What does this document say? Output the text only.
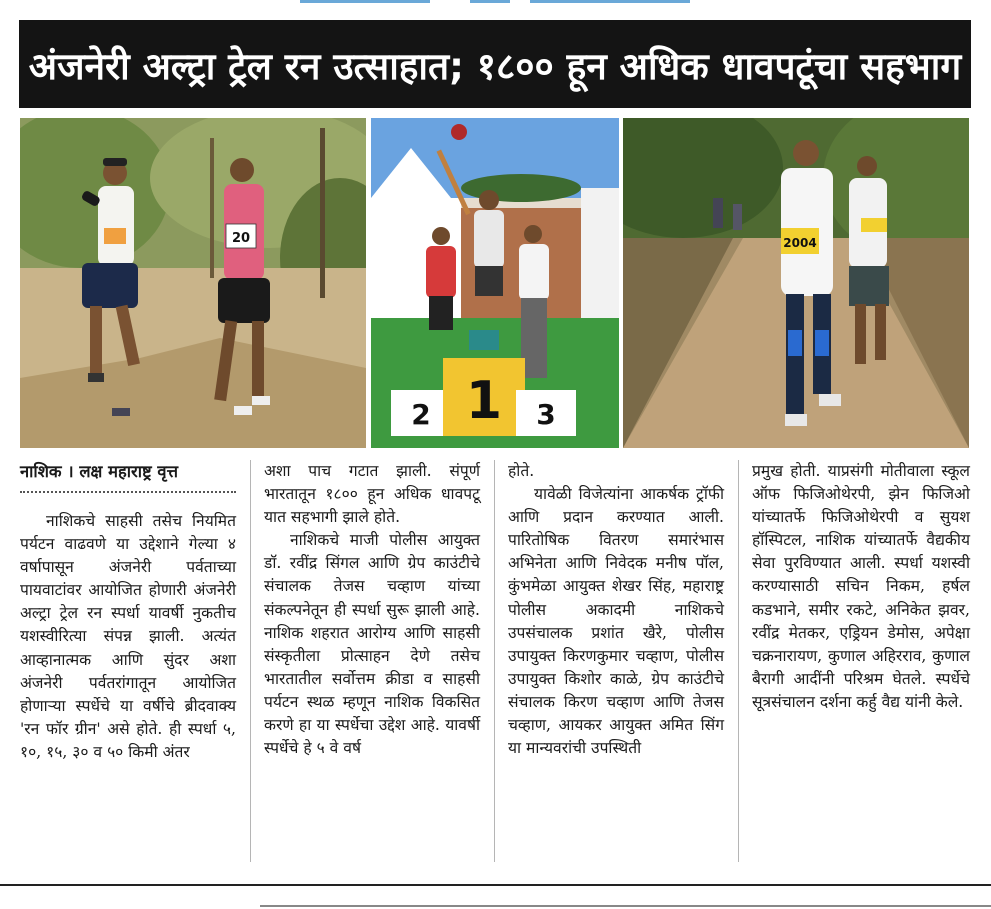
अंजनेरी अल्ट्रा ट्रेल रन उत्साहात; १८०० हून अधिक धावपटूंचा सहभाग
20
2 1 3
2004
नाशिक । लक्ष महाराष्ट्र वृत्त

नाशिकचे साहसी तसेच नियमित पर्यटन वाढवणे या उद्देशाने गेल्या ४ वर्षापासून अंजनेरी पर्वताच्या पायवाटांवर आयोजित होणारी अंजनेरी अल्ट्रा ट्रेल रन स्पर्धा यावर्षी नुकतीच यशस्वीरित्या संपन्न झाली. अत्यंत आव्हानात्मक आणि सुंदर अशा अंजनेरी पर्वतरांगातून आयोजित होणाऱ्या स्पर्धेचे या वर्षीचे ब्रीदवाक्य 'रन फॉर ग्रीन' असे होते. ही स्पर्धा ५, १०, १५, ३० व ५० किमी अंतर

अशा पाच गटात झाली. संपूर्ण भारतातून १८०० हून अधिक धावपटू यात सहभागी झाले होते.

नाशिकचे माजी पोलीस आयुक्त डॉ. रवींद्र सिंगल आणि ग्रेप काउंटीचे संचालक तेजस चव्हाण यांच्या संकल्पनेतून ही स्पर्धा सुरू झाली आहे. नाशिक शहरात आरोग्य आणि साहसी संस्कृतीला प्रोत्साहन देणे तसेच भारतातील सर्वोत्तम क्रीडा व साहसी पर्यटन स्थळ म्हणून नाशिक विकसित करणे हा या स्पर्धेचा उद्देश आहे. यावर्षी स्पर्धेचे हे ५ वे वर्ष

होते.

यावेळी विजेत्यांना आकर्षक ट्रॉफी आणि प्रदान करण्यात आली. पारितोषिक वितरण समारंभास अभिनेता आणि निवेदक मनीष पॉल, कुंभमेळा आयुक्त शेखर सिंह, महाराष्ट्र पोलीस अकादमी नाशिकचे उपसंचालक प्रशांत खैरे, पोलीस उपायुक्त किरणकुमार चव्हाण, पोलीस उपायुक्त किशोर काळे, ग्रेप काउंटीचे संचालक किरण चव्हाण आणि तेजस चव्हाण, आयकर आयुक्त अमित सिंग या मान्यवरांची उपस्थिती

प्रमुख होती. याप्रसंगी मोतीवाला स्कूल ऑफ फिजिओथेरपी, झेन फिजिओ यांच्यातर्फे फिजिओथेरपी व सुयश हॉस्पिटल, नाशिक यांच्यातर्फे वैद्यकीय सेवा पुरविण्यात आली. स्पर्धा यशस्वी करण्यासाठी सचिन निकम, हर्षल कडभाने, समीर रकटे, अनिकेत झवर, रवींद्र मेतकर, एड्रियन डेमोस, अपेक्षा चक्रनारायण, कुणाल अहिरराव, कुणाल बैरागी आदींनी परिश्रम घेतले. स्पर्धेचे सूत्रसंचालन दर्शना कर्हु वैद्य यांनी केले.
